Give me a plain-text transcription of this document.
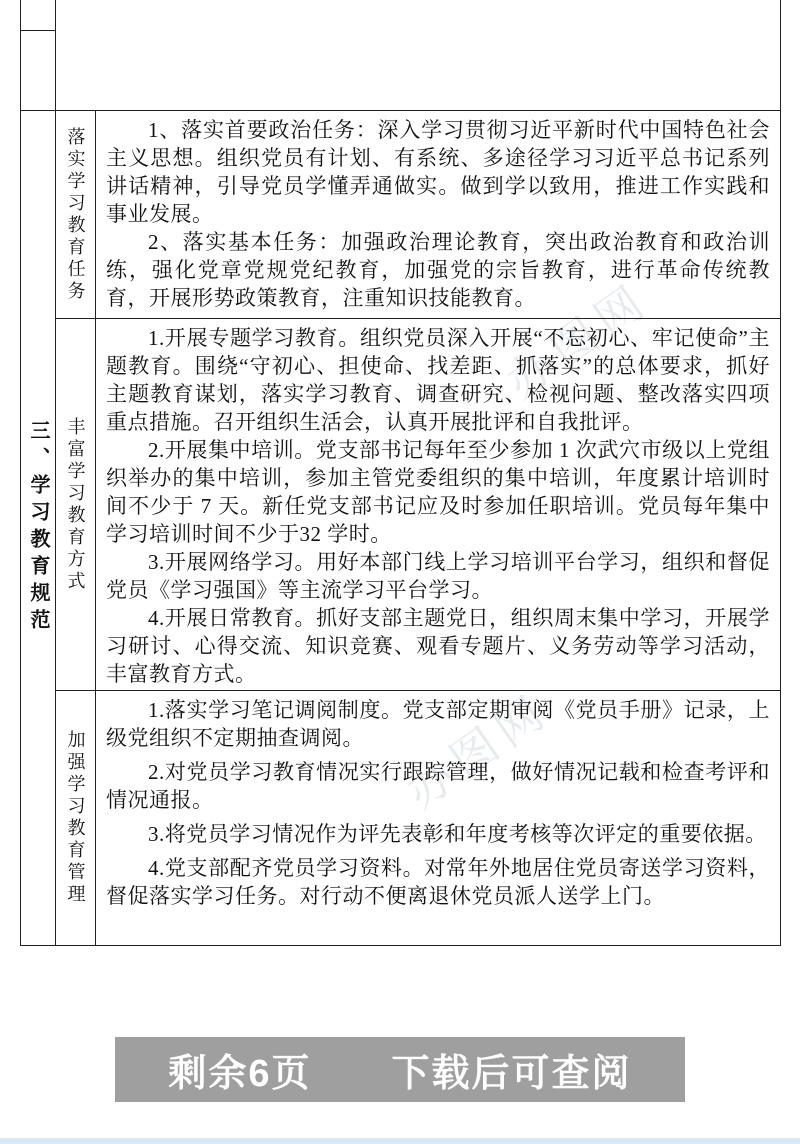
办图网
办图网
三、学习教育规范
落实学习教育任务	1、落实首要政治任务：深入学习贯彻习近平新时代中国特色社会主义思想。组织党员有计划、有系统、多途径学习习近平总书记系列讲话精神，引导党员学懂弄通做实。做到学以致用，推进工作实践和事业发展。

2、落实基本任务：加强政治理论教育，突出政治教育和政治训练，强化党章党规党纪教育，加强党的宗旨教育，进行革命传统教育，开展形势政策教育，注重知识技能教育。

丰富学习教育方式

1.开展专题学习教育。组织党员深入开展“不忘初心、牢记使命”主题教育。围绕“守初心、担使命、找差距、抓落实”的总体要求，抓好主题教育谋划，落实学习教育、调查研究、检视问题、整改落实四项重点措施。召开组织生活会，认真开展批评和自我批评。

2.开展集中培训。党支部书记每年至少参加 1 次武穴市级以上党组织举办的集中培训，参加主管党委组织的集中培训，年度累计培训时间不少于 7 天。新任党支部书记应及时参加任职培训。党员每年集中学习培训时间不少于32 学时。

3.开展网络学习。用好本部门线上学习培训平台学习，组织和督促党员《学习强国》等主流学习平台学习。

4.开展日常教育。抓好支部主题党日，组织周末集中学习，开展学习研讨、心得交流、知识竞赛、观看专题片、义务劳动等学习活动，丰富教育方式。

加强学习教育管理

1.落实学习笔记调阅制度。党支部定期审阅《党员手册》记录，上级党组织不定期抽查调阅。

2.对党员学习教育情况实行跟踪管理，做好情况记载和检查考评和情况通报。

3.将党员学习情况作为评先表彰和年度考核等次评定的重要依据。

4.党支部配齐党员学习资料。对常年外地居住党员寄送学习资料，督促落实学习任务。对行动不便离退休党员派人送学上门。

剩余6页　　下载后可查阅
